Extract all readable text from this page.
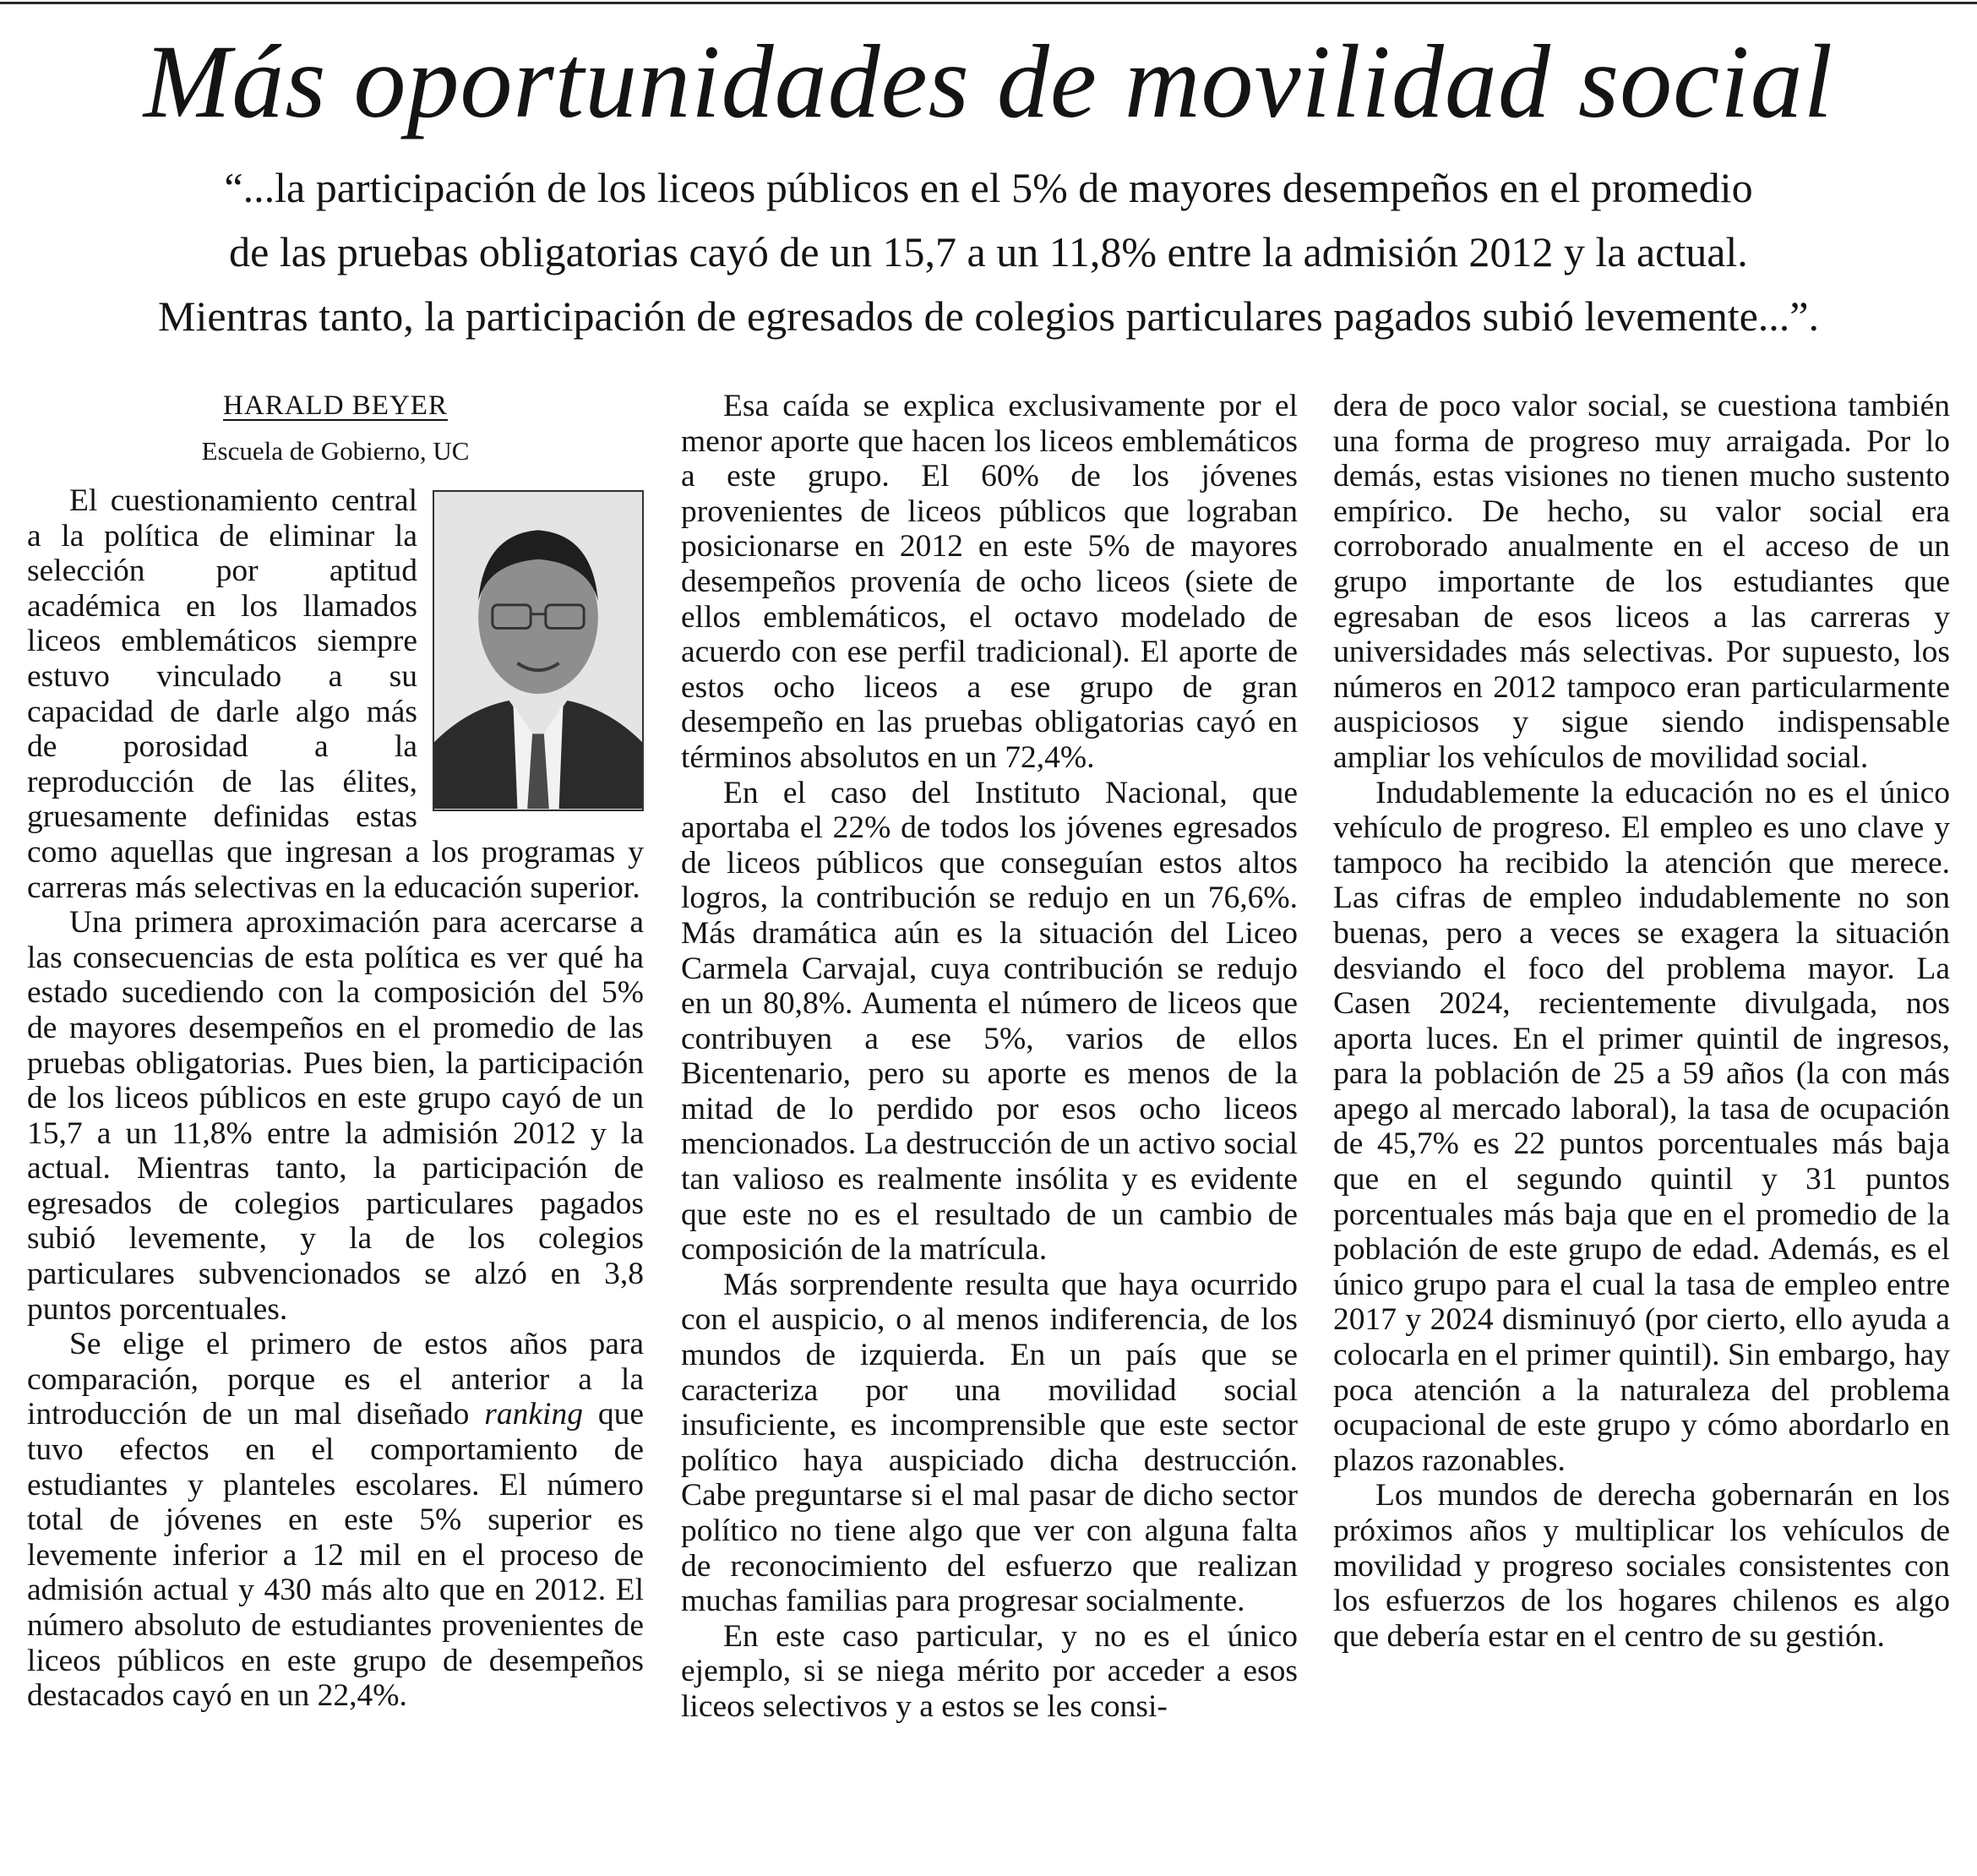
Más oportunidades de movilidad social
“...la participación de los liceos públicos en el 5% de mayores desempeños en el promedio
de las pruebas obligatorias cayó de un 15,7 a un 11,8% entre la admisión 2012 y la actual.
Mientras tanto, la participación de egresados de colegios particulares pagados subió levemente...”.
HARALD BEYER
Escuela de Gobierno, UC

El cuestionamiento central a la política de eliminar la selección por aptitud académica en los llamados liceos emblemáticos siempre estuvo vinculado a su capacidad de darle algo más de porosidad a la reproducción de las élites, gruesamente definidas estas como aquellas que ingresan a los programas y carreras más selectivas en la educación superior.

Una primera aproximación para acercarse a las consecuencias de esta política es ver qué ha estado sucediendo con la composición del 5% de mayores desempeños en el promedio de las pruebas obligatorias. Pues bien, la participación de los liceos públicos en este grupo cayó de un 15,7 a un 11,8% entre la admisión 2012 y la actual. Mientras tanto, la participación de egresados de colegios particulares pagados subió levemente, y la de los colegios particulares subvencionados se alzó en 3,8 puntos porcentuales.

Se elige el primero de estos años para comparación, porque es el anterior a la introducción de un mal diseñado ranking que tuvo efectos en el comportamiento de estudiantes y planteles escolares. El número total de jóvenes en este 5% superior es levemente inferior a 12 mil en el proceso de admisión actual y 430 más alto que en 2012. El número absoluto de estudiantes provenientes de liceos públicos en este grupo de desempeños destacados cayó en un 22,4%.

Esa caída se explica exclusivamente por el menor aporte que hacen los liceos emblemáticos a este grupo. El 60% de los jóvenes provenientes de liceos públicos que lograban posicionarse en 2012 en este 5% de mayores desempeños provenía de ocho liceos (siete de ellos emblemáticos, el octavo modelado de acuerdo con ese perfil tradicional). El aporte de estos ocho liceos a ese grupo de gran desempeño en las pruebas obligatorias cayó en términos absolutos en un 72,4%.

En el caso del Instituto Nacional, que aportaba el 22% de todos los jóvenes egresados de liceos públicos que conseguían estos altos logros, la contribución se redujo en un 76,6%. Más dramática aún es la situación del Liceo Carmela Carvajal, cuya contribución se redujo en un 80,8%. Aumenta el número de liceos que contribuyen a ese 5%, varios de ellos Bicentenario, pero su aporte es menos de la mitad de lo perdido por esos ocho liceos mencionados. La destrucción de un activo social tan valioso es realmente insólita y es evidente que este no es el resultado de un cambio de composición de la matrícula.

Más sorprendente resulta que haya ocurrido con el auspicio, o al menos indiferencia, de los mundos de izquierda. En un país que se caracteriza por una movilidad social insuficiente, es incomprensible que este sector político haya auspiciado dicha destrucción. Cabe preguntarse si el mal pasar de dicho sector político no tiene algo que ver con alguna falta de reconocimiento del esfuerzo que realizan muchas familias para progresar socialmente.

En este caso particular, y no es el único ejemplo, si se niega mérito por acceder a esos liceos selectivos y a estos se les consi-

dera de poco valor social, se cuestiona también una forma de progreso muy arraigada. Por lo demás, estas visiones no tienen mucho sustento empírico. De hecho, su valor social era corroborado anualmente en el acceso de un grupo importante de los estudiantes que egresaban de esos liceos a las carreras y universidades más selectivas. Por supuesto, los números en 2012 tampoco eran particularmente auspiciosos y sigue siendo indispensable ampliar los vehículos de movilidad social.

Indudablemente la educación no es el único vehículo de progreso. El empleo es uno clave y tampoco ha recibido la atención que merece. Las cifras de empleo indudablemente no son buenas, pero a veces se exagera la situación desviando el foco del problema mayor. La Casen 2024, recientemente divulgada, nos aporta luces. En el primer quintil de ingresos, para la población de 25 a 59 años (la con más apego al mercado laboral), la tasa de ocupación de 45,7% es 22 puntos porcentuales más baja que en el segundo quintil y 31 puntos porcentuales más baja que en el promedio de la población de este grupo de edad. Además, es el único grupo para el cual la tasa de empleo entre 2017 y 2024 disminuyó (por cierto, ello ayuda a colocarla en el primer quintil). Sin embargo, hay poca atención a la naturaleza del problema ocupacional de este grupo y cómo abordarlo en plazos razonables.

Los mundos de derecha gobernarán en los próximos años y multiplicar los vehículos de movilidad y progreso sociales consistentes con los esfuerzos de los hogares chilenos es algo que debería estar en el centro de su gestión.
